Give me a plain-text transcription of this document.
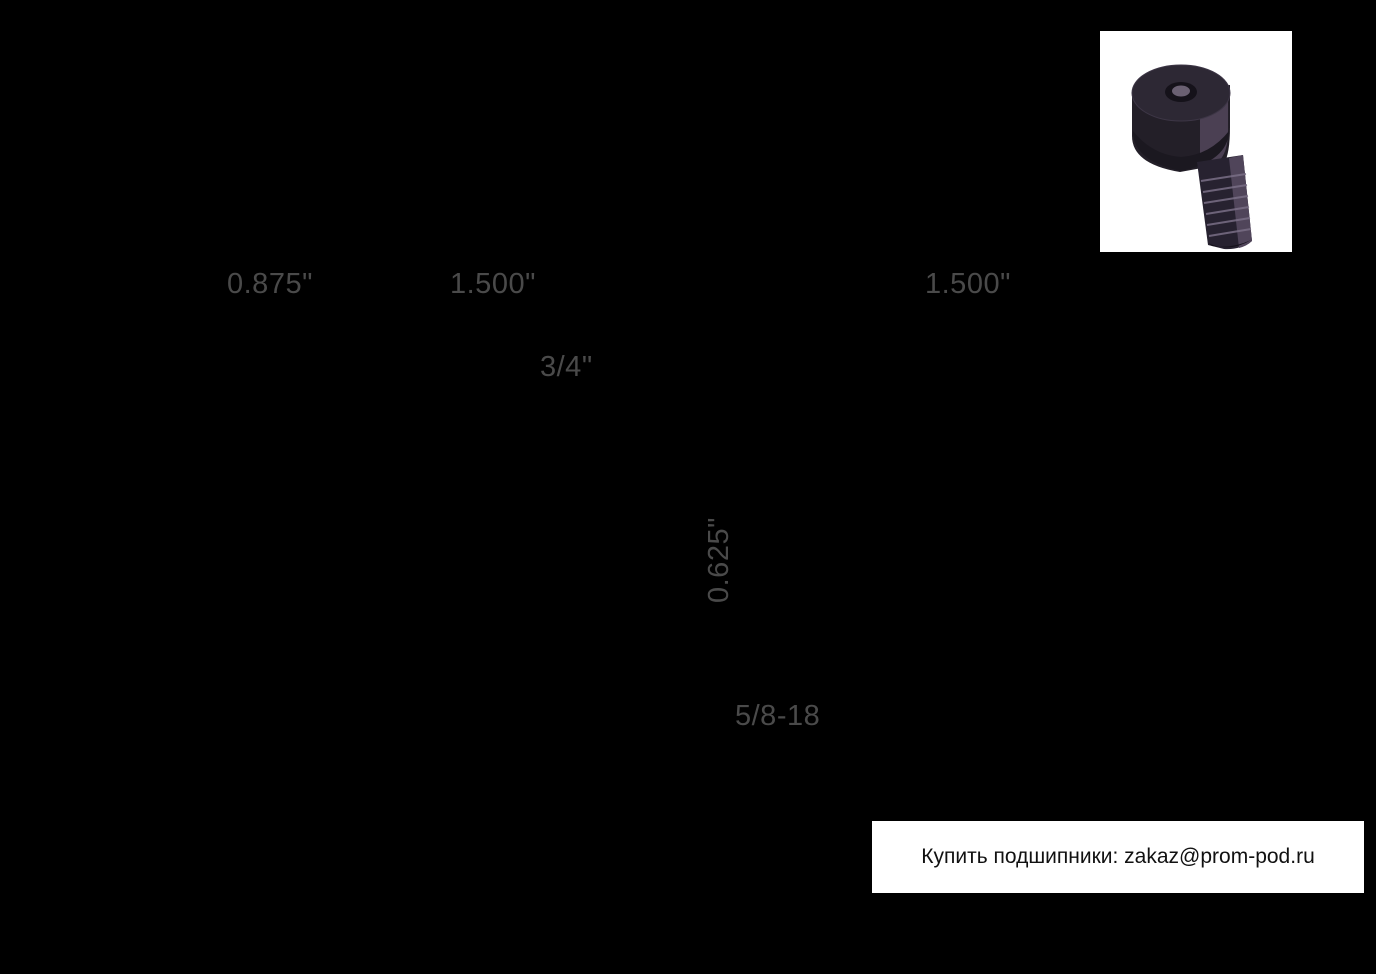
0.875"	1.500"	1.500"
3/4"
0.625"
5/8-18
Купить подшипники: zakaz@prom-pod.ru
